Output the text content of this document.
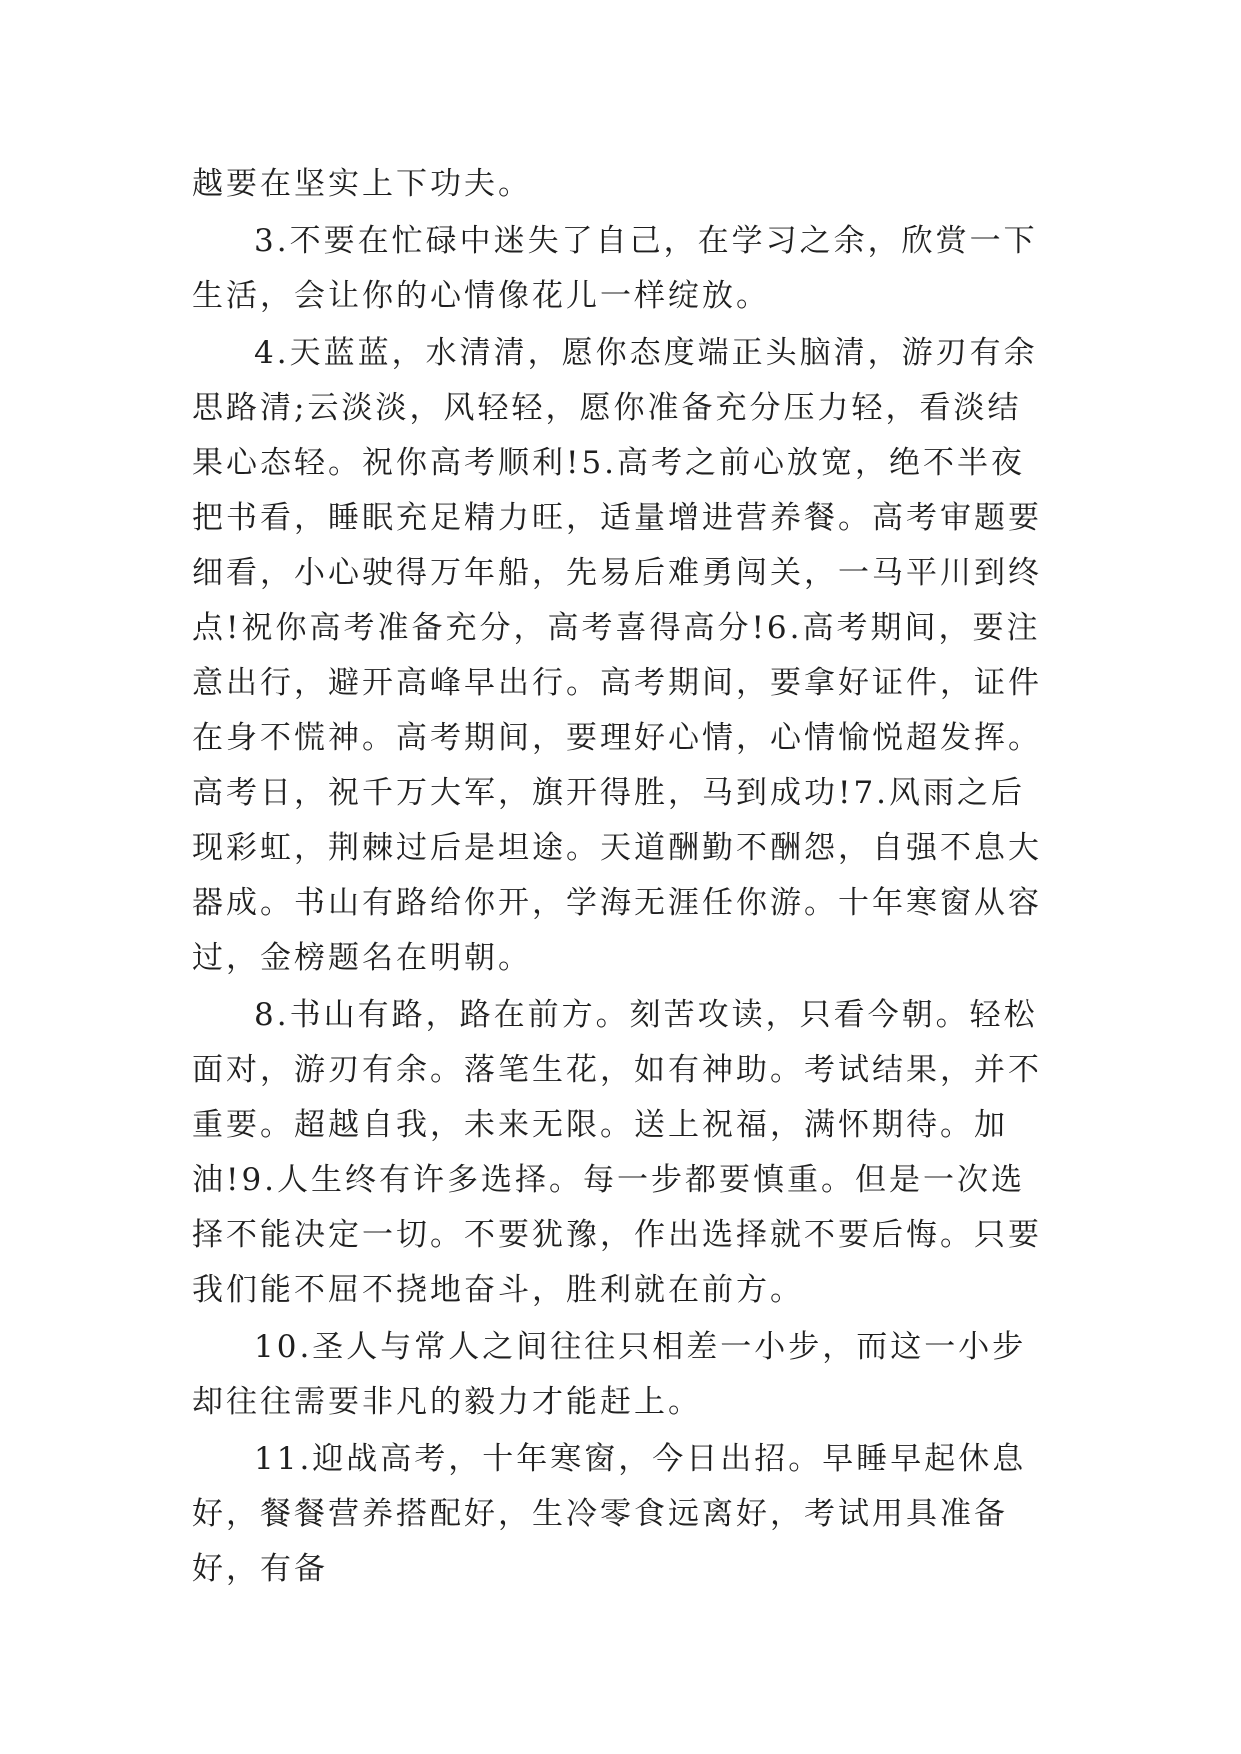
越要在坚实上下功夫。

3.不要在忙碌中迷失了自己，在学习之余，欣赏一下生活，会让你的心情像花儿一样绽放。

4.天蓝蓝，水清清，愿你态度端正头脑清，游刃有余思路清;云淡淡，风轻轻，愿你准备充分压力轻，看淡结果心态轻。祝你高考顺利!5.高考之前心放宽，绝不半夜把书看，睡眠充足精力旺，适量增进营养餐。高考审题要细看，小心驶得万年船，先易后难勇闯关，一马平川到终点!祝你高考准备充分，高考喜得高分!6.高考期间，要注意出行，避开高峰早出行。高考期间，要拿好证件，证件在身不慌神。高考期间，要理好心情，心情愉悦超发挥。高考日，祝千万大军，旗开得胜，马到成功!7.风雨之后现彩虹，荆棘过后是坦途。天道酬勤不酬怨，自强不息大器成。书山有路给你开，学海无涯任你游。十年寒窗从容过，金榜题名在明朝。

8.书山有路，路在前方。刻苦攻读，只看今朝。轻松面对，游刃有余。落笔生花，如有神助。考试结果，并不重要。超越自我，未来无限。送上祝福，满怀期待。加油!9.人生终有许多选择。每一步都要慎重。但是一次选择不能决定一切。不要犹豫，作出选择就不要后悔。只要我们能不屈不挠地奋斗，胜利就在前方。

10.圣人与常人之间往往只相差一小步，而这一小步却往往需要非凡的毅力才能赶上。

11.迎战高考，十年寒窗，今日出招。早睡早起休息好，餐餐营养搭配好，生冷零食远离好，考试用具准备好，有备
